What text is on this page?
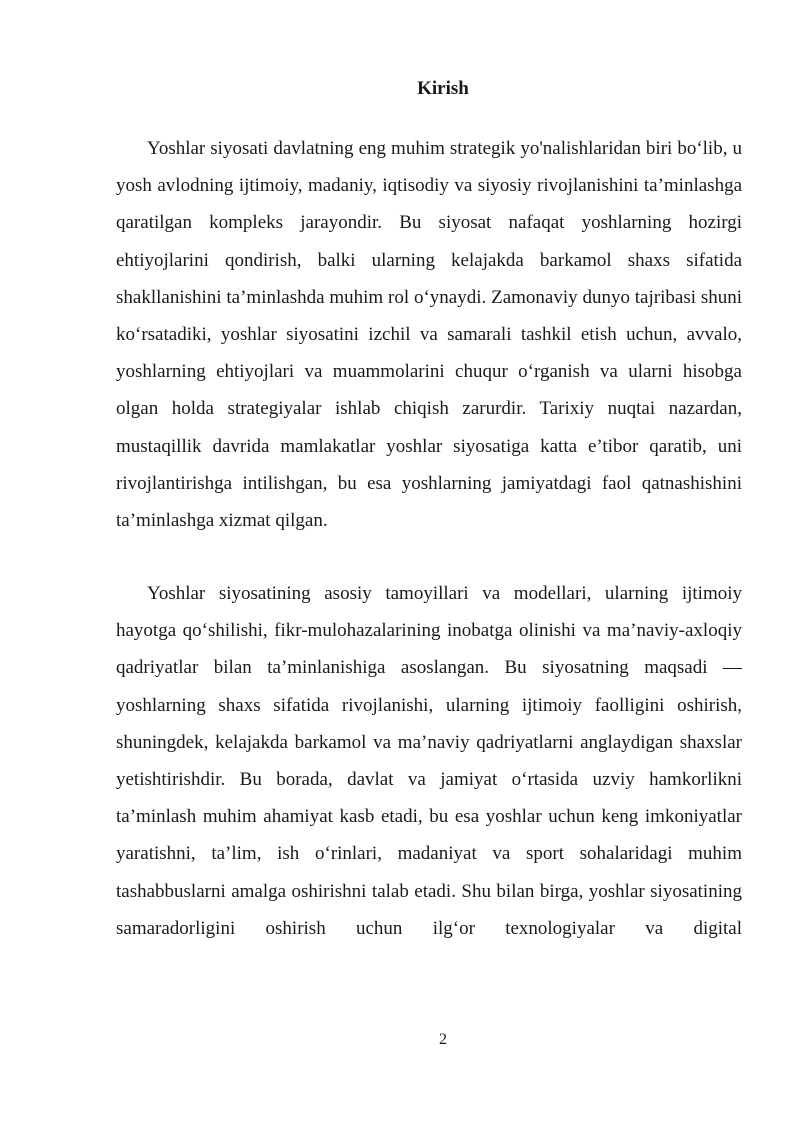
Kirish

Yoshlar siyosati davlatning eng muhim strategik yo'nalishlaridan biri bo‘lib, u yosh avlodning ijtimoiy, madaniy, iqtisodiy va siyosiy rivojlanishini ta’minlashga qaratilgan kompleks jarayondir. Bu siyosat nafaqat yoshlarning hozirgi ehtiyojlarini qondirish, balki ularning kelajakda barkamol shaxs sifatida shakllanishini ta’minlashda muhim rol o‘ynaydi. Zamonaviy dunyo tajribasi shuni ko‘rsatadiki, yoshlar siyosatini izchil va samarali tashkil etish uchun, avvalo, yoshlarning ehtiyojlari va muammolarini chuqur o‘rganish va ularni hisobga olgan holda strategiyalar ishlab chiqish zarurdir. Tarixiy nuqtai nazardan, mustaqillik davrida mamlakatlar yoshlar siyosatiga katta e’tibor qaratib, uni rivojlantirishga intilishgan, bu esa yoshlarning jamiyatdagi faol qatnashishini ta’minlashga xizmat qilgan.

Yoshlar siyosatining asosiy tamoyillari va modellari, ularning ijtimoiy hayotga qo‘shilishi, fikr-mulohazalarining inobatga olinishi va ma’naviy-axloqiy qadriyatlar bilan ta’minlanishiga asoslangan. Bu siyosatning maqsadi — yoshlarning shaxs sifatida rivojlanishi, ularning ijtimoiy faolligini oshirish, shuningdek, kelajakda barkamol va ma’naviy qadriyatlarni anglaydigan shaxslar yetishtirishdir. Bu borada, davlat va jamiyat o‘rtasida uzviy hamkorlikni ta’minlash muhim ahamiyat kasb etadi, bu esa yoshlar uchun keng imkoniyatlar yaratishni, ta’lim, ish o‘rinlari, madaniyat va sport sohalaridagi muhim tashabbuslarni amalga oshirishni talab etadi. Shu bilan birga, yoshlar siyosatining samaradorligini oshirish uchun ilg‘or texnologiyalar va digital

2
